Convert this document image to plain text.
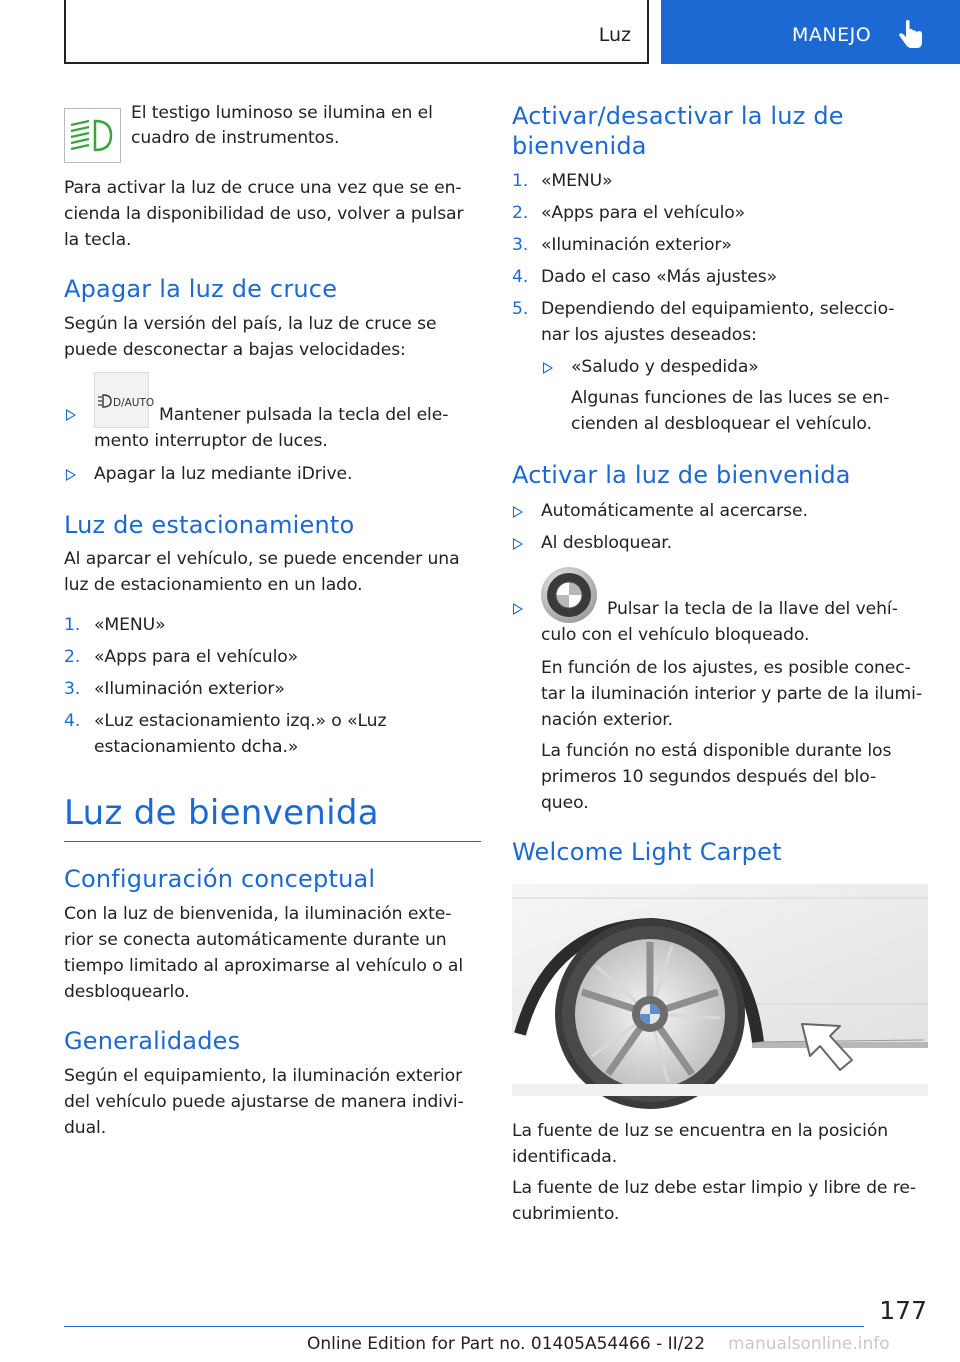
Luz	MANEJO
El testigo luminoso se ilumina en el cuadro de instrumentos.
Para activar la luz de cruce una vez que se en-
cienda la disponibilidad de uso, volver a pulsar
la tecla.
Apagar la luz de cruce
Según la versión del país, la luz de cruce se
puede desconectar a bajas velocidades:
D/AUTO
Mantener pulsada la tecla del ele-
mento interruptor de luces.
Apagar la luz mediante iDrive.
Luz de estacionamiento
Al aparcar el vehículo, se puede encender una
luz de estacionamiento en un lado.
1. «MENU»
2. «Apps para el vehículo»
3. «Iluminación exterior»
4. «Luz estacionamiento izq.» o «Luz
estacionamiento dcha.»
Luz de bienvenida
Configuración conceptual
Con la luz de bienvenida, la iluminación exte-
rior se conecta automáticamente durante un
tiempo limitado al aproximarse al vehículo o al
desbloquearlo.
Generalidades
Según el equipamiento, la iluminación exterior
del vehículo puede ajustarse de manera indivi-
dual.
Activar/desactivar la luz de
bienvenida
1. «MENU»
2. «Apps para el vehículo»
3. «Iluminación exterior»
4. Dado el caso «Más ajustes»
5. Dependiendo del equipamiento, seleccio-
nar los ajustes deseados:
«Saludo y despedida»
Algunas funciones de las luces se en-
cienden al desbloquear el vehículo.
Activar la luz de bienvenida
Automáticamente al acercarse.
Al desbloquear.
Pulsar la tecla de la llave del vehí-
culo con el vehículo bloqueado.
En función de los ajustes, es posible conec-
tar la iluminación interior y parte de la ilumi-
nación exterior.
La función no está disponible durante los
primeros 10 segundos después del blo-
queo.
Welcome Light Carpet
La fuente de luz se encuentra en la posición
identificada.
La fuente de luz debe estar limpio y libre de re-
cubrimiento.
177
Online Edition for Part no. 01405A54466 - II/22 manualsonline.info
